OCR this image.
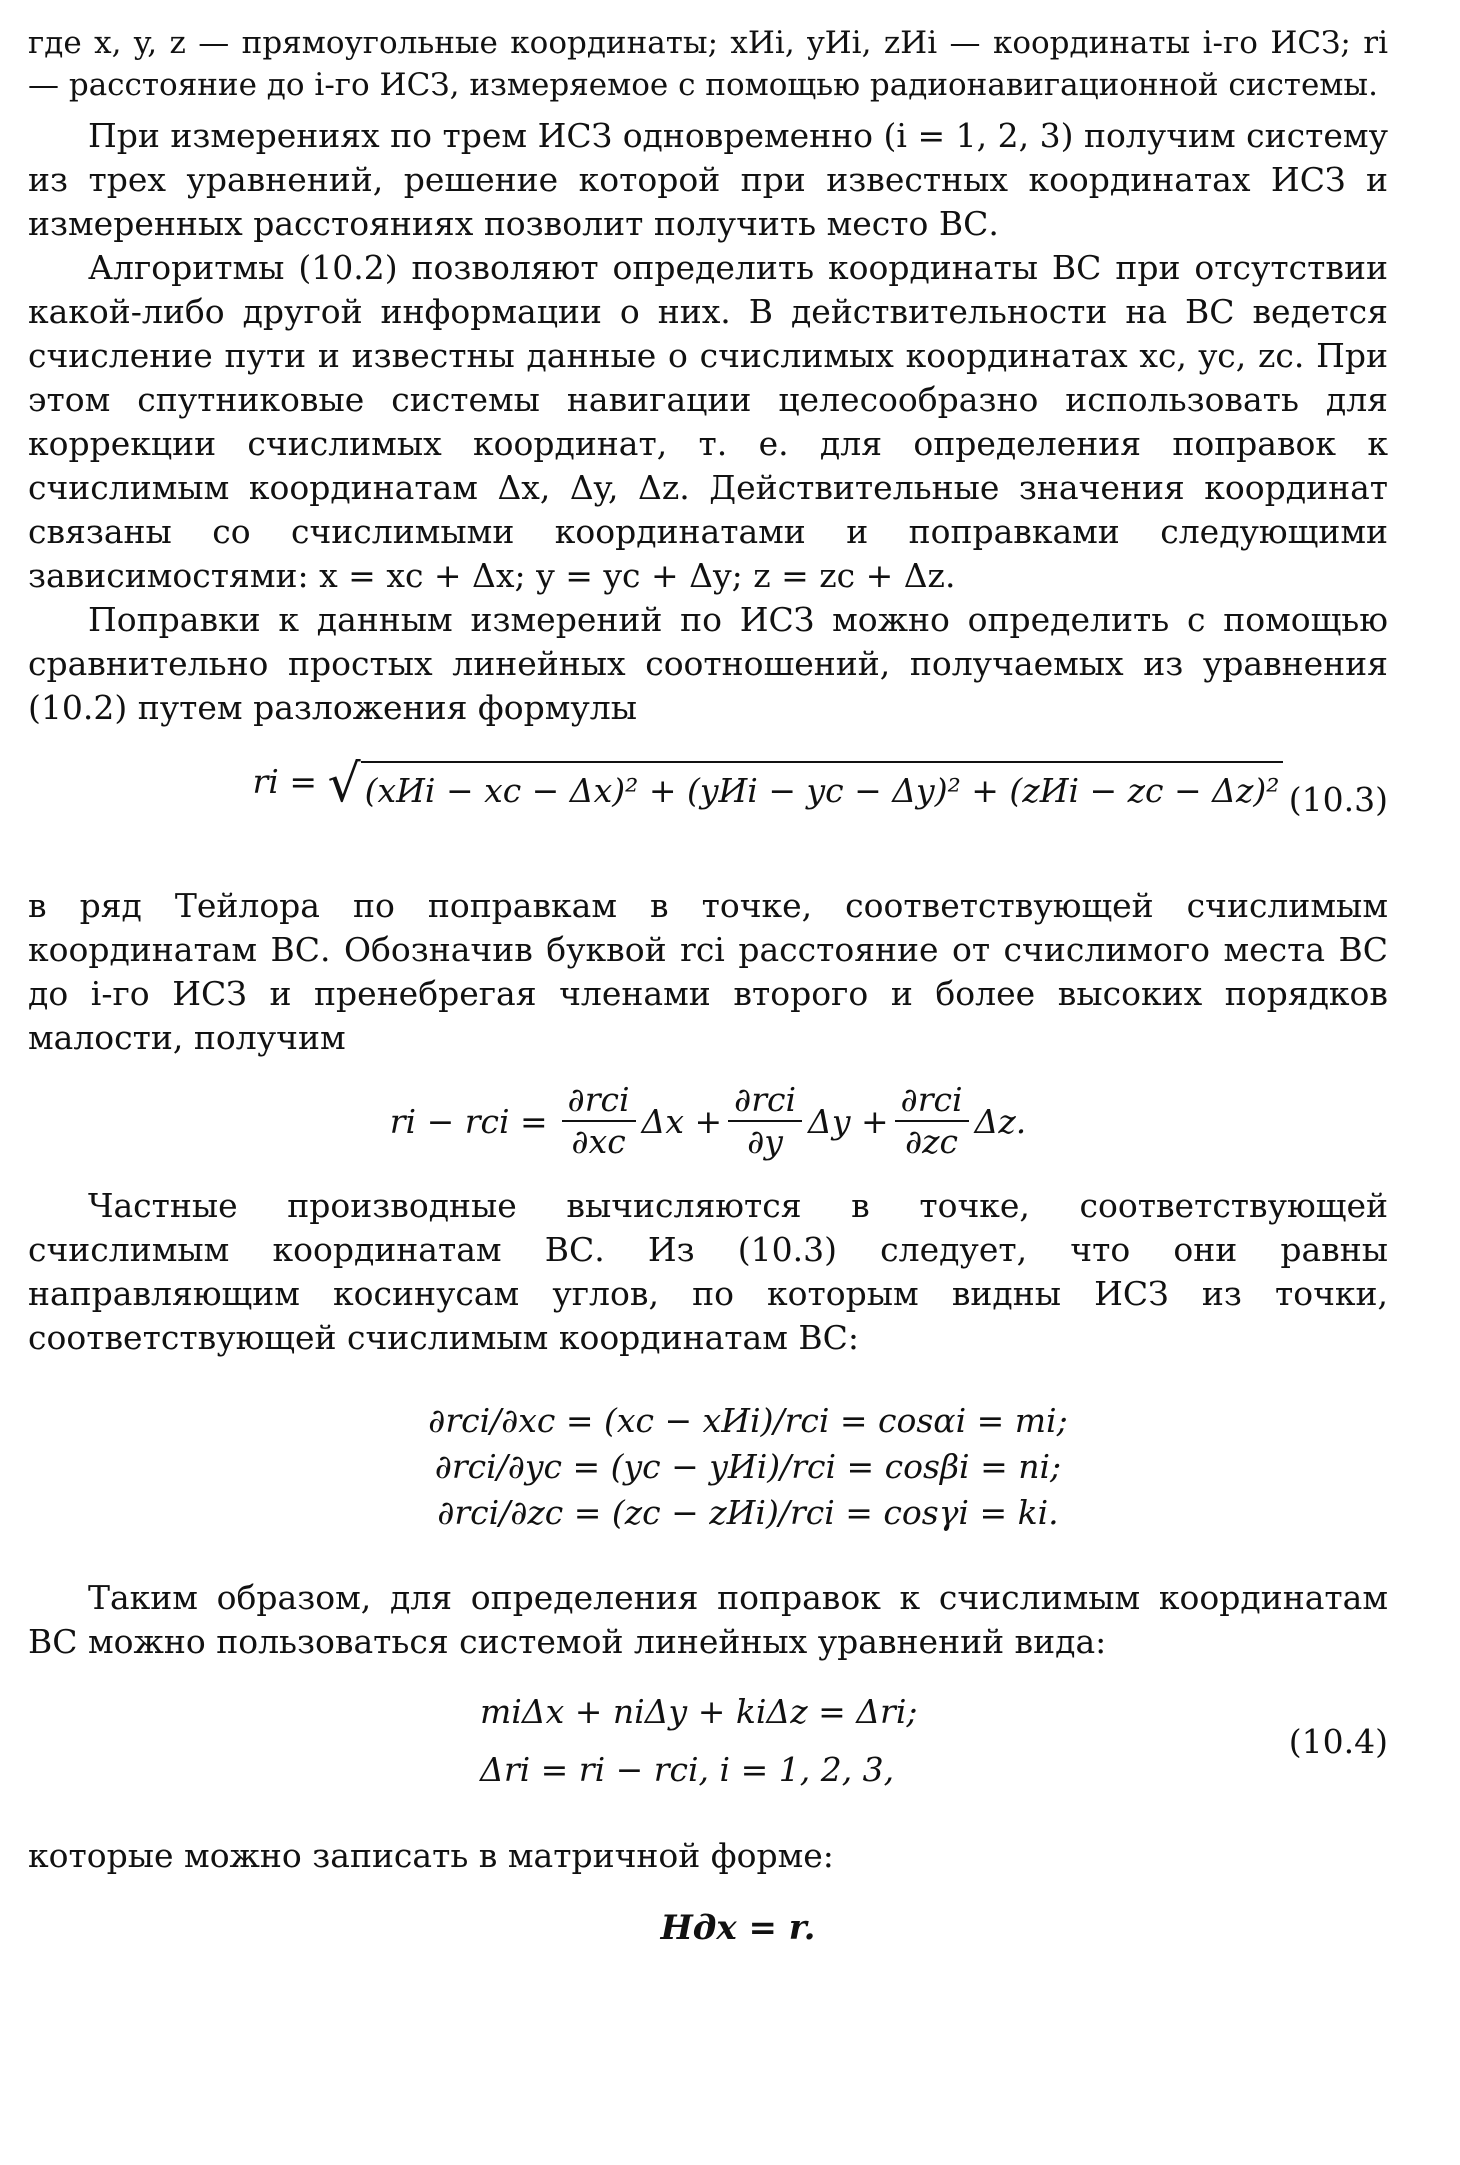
где x, y, z — прямоугольные координаты; xИi, yИi, zИi — координаты i-го ИСЗ; ri — расстояние до i-го ИСЗ, измеряемое с помощью радионавигационной системы.

При измерениях по трем ИСЗ одновременно (i = 1, 2, 3) получим систему из трех уравнений, решение которой при известных координатах ИСЗ и измеренных расстояниях позволит получить место ВС.

Алгоритмы (10.2) позволяют определить координаты ВС при отсутствии какой-либо другой информации о них. В действительности на ВС ведется счисление пути и известны данные о счислимых координатах xc, yc, zc. При этом спутниковые системы навигации целесообразно использовать для коррекции счислимых координат, т. е. для определения поправок к счислимым координатам Δx, Δy, Δz. Действительные значения координат связаны со счислимыми координатами и поправками следующими зависимостями: x = xc + Δx; y = yc + Δy; z = zc + Δz.

Поправки к данным измерений по ИСЗ можно определить с помощью сравнительно простых линейных соотношений, получаемых из уравнения (10.2) путем разложения формулы

ri = √ (xИi − xc − Δx)² + (yИi − yc − Δy)² + (zИi − zc − Δz)² (10.3)

в ряд Тейлора по поправкам в точке, соответствующей счислимым координатам ВС. Обозначив буквой rci расстояние от счислимого места ВС до i-го ИСЗ и пренебрегая членами второго и более высоких порядков малости, получим

ri − rci = $\frac{\text{∂rci}}{\partial xc}$ $\Delta x + \frac{\text{∂rci}}{\partial y}$ $\Delta y + \frac{\text{∂rci}}{\partial zc} \Delta z$.

Частные производные вычисляются в точке, соответствующей счислимым координатам ВС. Из (10.3) следует, что они равны направляющим косинусам углов, по которым видны ИСЗ из точки, соответствующей счислимым координатам ВС:

∂rci/∂xc = (xc − xИi)/rci = cosαi = mi;
∂rci/∂yc = (yc − yИi)/rci = cosβi = ni;
∂rci/∂zc = (zc − zИi)/rci = cosγi = ki.

Таким образом, для определения поправок к счислимым координатам ВС можно пользоваться системой линейных уравнений вида:

miΔx + niΔy + kiΔz = Δri;
Δri = ri − rci, i = 1, 2, 3,
(10.4)

которые можно записать в матричной форме:

Hдx = r.
